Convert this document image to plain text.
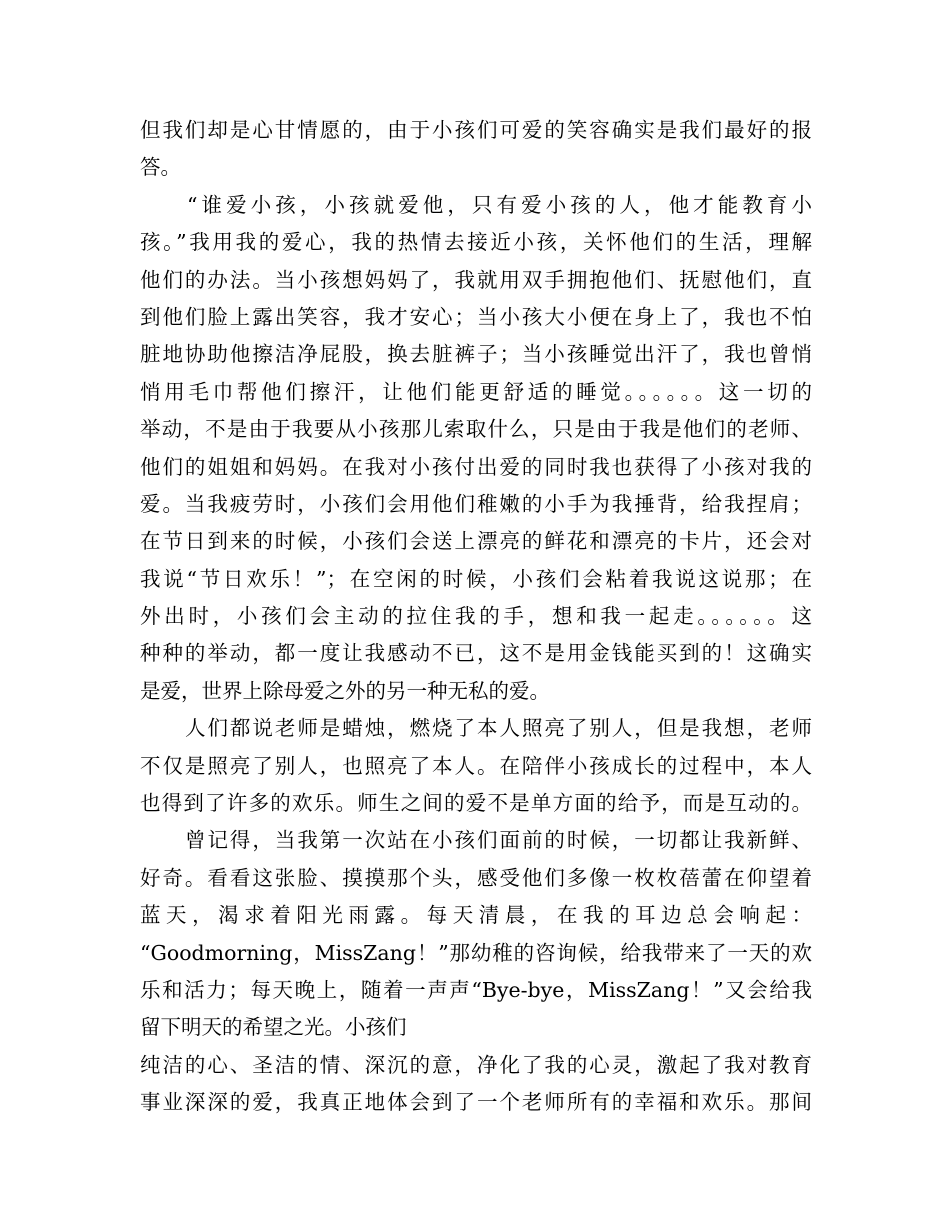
但我们却是心甘情愿的，由于小孩们可爱的笑容确实是我们最好的报
答。
“谁爱小孩，小孩就爱他，只有爱小孩的人，他才能教育小
孩。”我用我的爱心，我的热情去接近小孩，关怀他们的生活，理解
他们的办法。当小孩想妈妈了，我就用双手拥抱他们、抚慰他们，直
到他们脸上露出笑容，我才安心；当小孩大小便在身上了，我也不怕
脏地协助他擦洁净屁股，换去脏裤子；当小孩睡觉出汗了，我也曾悄
悄用毛巾帮他们擦汗，让他们能更舒适的睡觉。。。。。。这一切的
举动，不是由于我要从小孩那儿索取什么，只是由于我是他们的老师、
他们的姐姐和妈妈。在我对小孩付出爱的同时我也获得了小孩对我的
爱。当我疲劳时，小孩们会用他们稚嫩的小手为我捶背，给我捏肩；
在节日到来的时候，小孩们会送上漂亮的鲜花和漂亮的卡片，还会对
我说“节日欢乐！”；在空闲的时候，小孩们会粘着我说这说那；在
外出时，小孩们会主动的拉住我的手，想和我一起走。。。。。。这
种种的举动，都一度让我感动不已，这不是用金钱能买到的！这确实
是爱，世界上除母爱之外的另一种无私的爱。
人们都说老师是蜡烛，燃烧了本人照亮了别人，但是我想，老师
不仅是照亮了别人，也照亮了本人。在陪伴小孩成长的过程中，本人
也得到了许多的欢乐。师生之间的爱不是单方面的给予，而是互动的。
曾记得，当我第一次站在小孩们面前的时候，一切都让我新鲜、
好奇。看看这张脸、摸摸那个头，感受他们多像一枚枚蓓蕾在仰望着
蓝天，渴求着阳光雨露。每天清晨，在我的耳边总会响起：
“Goodmorning，MissZang！”那幼稚的咨询候，给我带来了一天的欢
乐和活力；每天晚上，随着一声声“Bye-bye，MissZang！”又会给我
留下明天的希望之光。小孩们
纯洁的心、圣洁的情、深沉的意，净化了我的心灵，激起了我对教育
事业深深的爱，我真正地体会到了一个老师所有的幸福和欢乐。那间
